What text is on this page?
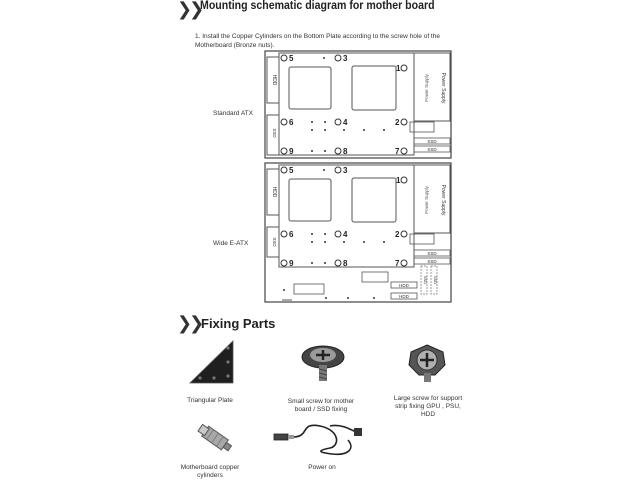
❯❯
Mounting schematic diagram for mother board
1. Install the Copper Cylinders on the Bottom Plate according to the screw hole of the Motherboard (Bronze nuts).
Standard ATX
Wide E-ATX
HDD
SSD
Power Supply
Power Supply
SSD
SSD
5	3
1
6	4	2
9	8	7
HDD
SSD
Power Supply
Power Supply
SSD
SSD
SSD SSD
HDD
HDD
5	3
1
6	4	2
9	8	7
❯❯ Fixing Parts
Triangular Plate	Small screw for mother board / SSD fixing
Large screw for support strip fixing GPU , PSU, HDD
Motherboard copper cylinders
Power on
